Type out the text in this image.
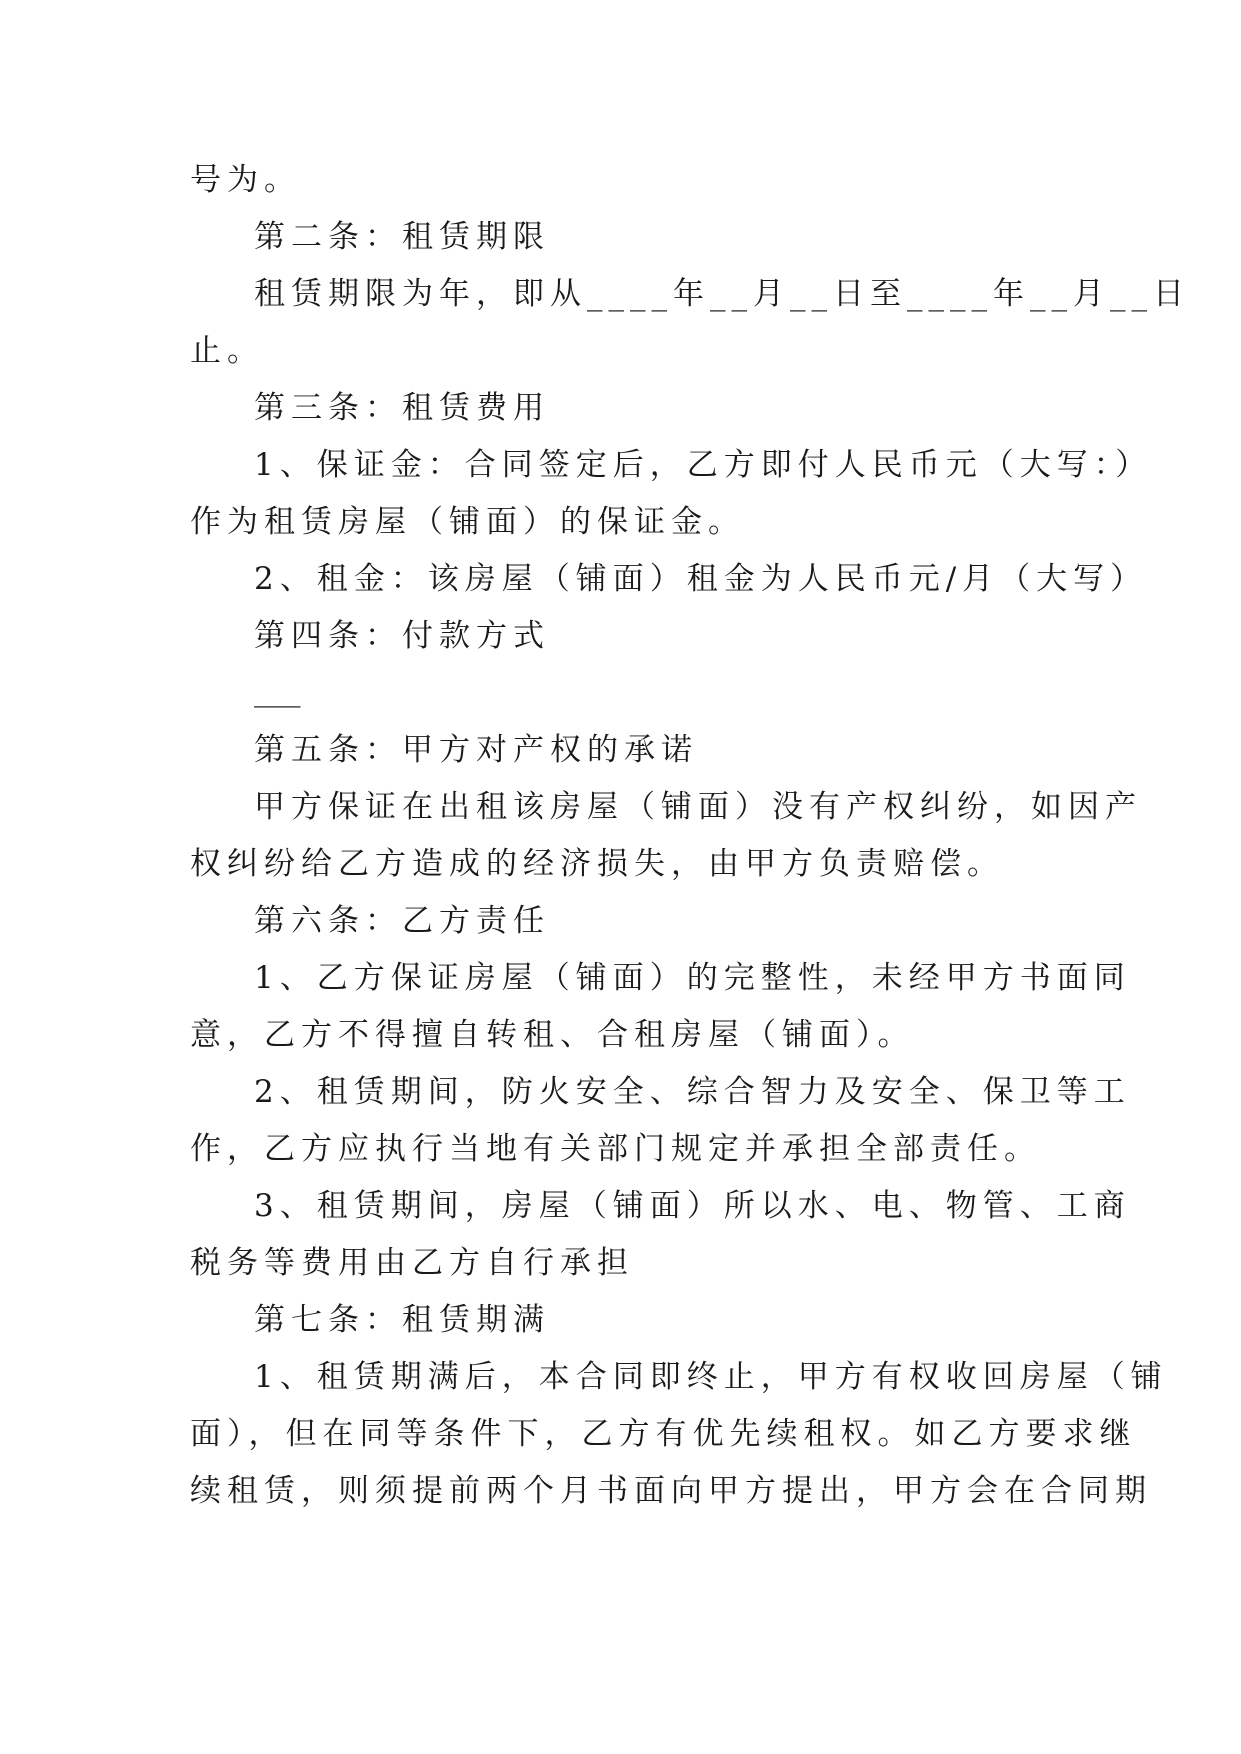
号为。
第二条：租赁期限
租赁期限为年，即从____年__月__日至____年__月__日
止。
第三条：租赁费用
1、保证金：合同签定后，乙方即付人民币元（大写：）
作为租赁房屋（铺面）的保证金。
2、租金：该房屋（铺面）租金为人民币元/月（大写）
第四条：付款方式
___
第五条：甲方对产权的承诺
甲方保证在出租该房屋（铺面）没有产权纠纷，如因产
权纠纷给乙方造成的经济损失，由甲方负责赔偿。
第六条：乙方责任
1、乙方保证房屋（铺面）的完整性，未经甲方书面同
意，乙方不得擅自转租、合租房屋（铺面）。
2、租赁期间，防火安全、综合智力及安全、保卫等工
作，乙方应执行当地有关部门规定并承担全部责任。
3、租赁期间，房屋（铺面）所以水、电、物管、工商
税务等费用由乙方自行承担
第七条：租赁期满
1、租赁期满后，本合同即终止，甲方有权收回房屋（铺
面），但在同等条件下，乙方有优先续租权。如乙方要求继
续租赁，则须提前两个月书面向甲方提出，甲方会在合同期
